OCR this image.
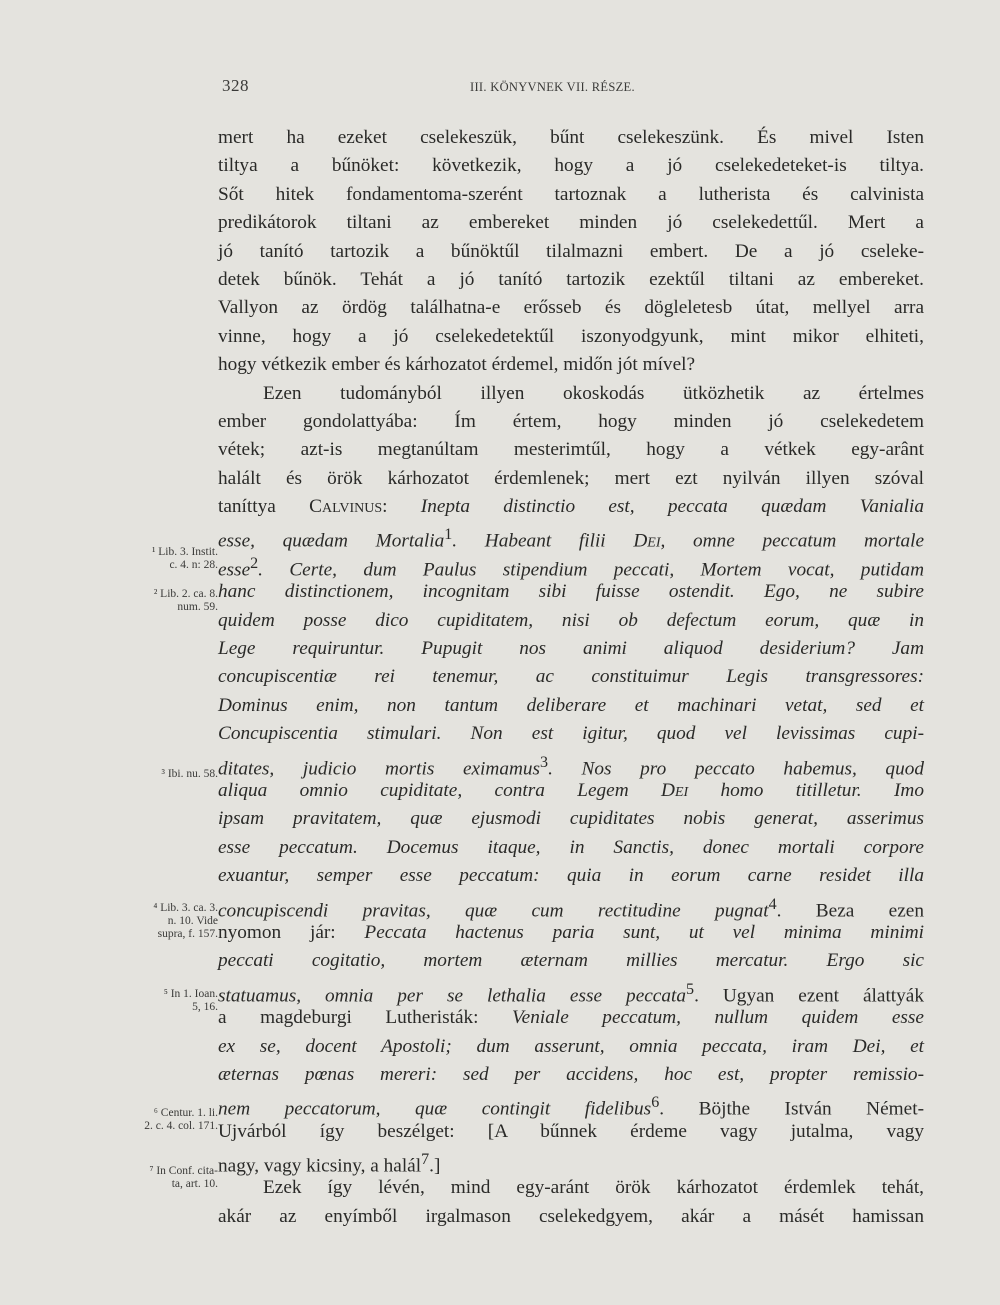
328	III. KÖNYVNEK VII. RÉSZE.
mert ha ezeket cselekeszük, bűnt cselekeszünk. És mivel Isten
tiltya a bűnöket: következik, hogy a jó cselekedeteket-is tiltya.
Sőt hitek fondamentoma-szerént tartoznak a lutherista és calvinista
predikátorok tiltani az embereket minden jó cselekedettűl. Mert a
jó tanító tartozik a bűnöktűl tilalmazni embert. De a jó cseleke-
detek bűnök. Tehát a jó tanító tartozik ezektűl tiltani az embereket.
Vallyon az ördög találhatna-e erősseb és dögleletesb útat, mellyel arra
vinne, hogy a jó cselekedetektűl iszonyodgyunk, mint mikor elhiteti,
hogy vétkezik ember és kárhozatot érdemel, midőn jót mível?
Ezen tudományból illyen okoskodás ütközhetik az értelmes
ember gondolattyába: Ím értem, hogy minden jó cselekedetem
vétek; azt-is megtanúltam mesterimtűl, hogy a vétkek egy-arânt
halált és örök kárhozatot érdemlenek; mert ezt nyilván illyen szóval
taníttya Calvinus: Inepta distinctio est, peccata quædam Vanialia
esse, quædam Mortalia$^1$. Habeant filii Dei, omne peccatum mortale
esse$^2$. Certe, dum Paulus stipendium peccati, Mortem vocat, putidam
hanc distinctionem, incognitam sibi fuisse ostendit. Ego, ne subire
quidem posse dico cupiditatem, nisi ob defectum eorum, quæ in
Lege requiruntur. Pupugit nos animi aliquod desiderium? Jam
concupiscentiæ rei tenemur, ac constituimur Legis transgressores:
Dominus enim, non tantum deliberare et machinari vetat, sed et
Concupiscentia stimulari. Non est igitur, quod vel levissimas cupi-
ditates, judicio mortis eximamus$^3$. Nos pro peccato habemus, quod
aliqua omnio cupiditate, contra Legem Dei homo titilletur. Imo
ipsam pravitatem, quæ ejusmodi cupiditates nobis generat, asserimus
esse peccatum. Docemus itaque, in Sanctis, donec mortali corpore
exuantur, semper esse peccatum: quia in eorum carne residet illa
concupiscendi pravitas, quæ cum rectitudine pugnat$^4$. Beza ezen
nyomon jár: Peccata hactenus paria sunt, ut vel minima minimi
peccati cogitatio, mortem æternam millies mercatur. Ergo sic
statuamus, omnia per se lethalia esse peccata$^5$. Ugyan ezent álattyák
a magdeburgi Lutheristák: Veniale peccatum, nullum quidem esse
ex se, docent Apostoli; dum asserunt, omnia peccata, iram Dei, et
æternas pœnas mereri: sed per accidens, hoc est, propter remissio-
nem peccatorum, quæ contingit fidelibus$^6$. Böjthe István Német-
Ujvárból így beszélget: [A bűnnek érdeme vagy jutalma, vagy
nagy, vagy kicsiny, a halál$^7$.]
Ezek így lévén, mind egy-aránt örök kárhozatot érdemlek tehát,
akár az enyímből irgalmason cselekedgyem, akár a másét hamissan
¹ Lib. 3. Instit.
c. 4. n: 28.
² Lib. 2. ca. 8.
num. 59.
³ Ibi. nu. 58.
⁴ Lib. 3. ca. 3.
n. 10. Vide
supra, f. 157.
⁵ In 1. Ioan.
5, 16.
⁶ Centur. 1. li.
2. c. 4. col. 171.
⁷ In Conf. cita-
ta, art. 10.
